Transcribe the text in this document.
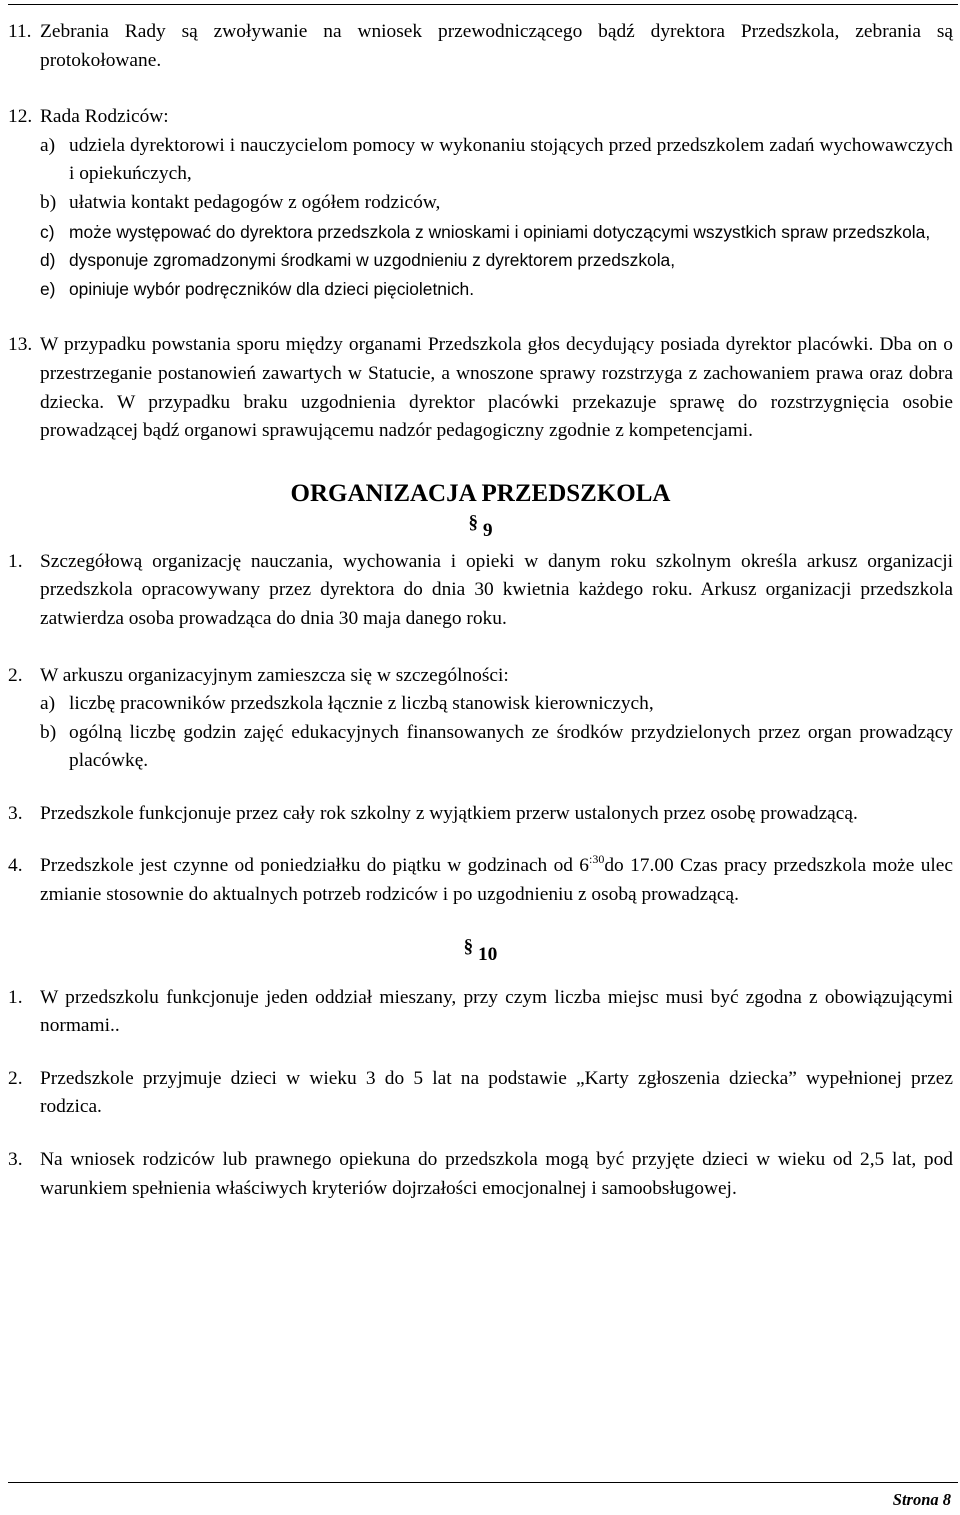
11. Zebrania Rady są zwoływanie na wniosek przewodniczącego bądź dyrektora Przedszkola, zebrania są protokołowane.
12. Rada Rodziców:
a) udziela dyrektorowi i nauczycielom pomocy w wykonaniu stojących przed przedszkolem zadań wychowawczych i opiekuńczych,
b) ułatwia kontakt pedagogów z ogółem rodziców,
c) może występować do dyrektora przedszkola z wnioskami i opiniami dotyczącymi wszystkich spraw przedszkola,
d) dysponuje zgromadzonymi środkami w uzgodnieniu z dyrektorem przedszkola,
e) opiniuje wybór podręczników dla dzieci pięcioletnich.
13. W przypadku powstania sporu między organami Przedszkola głos decydujący posiada dyrektor placówki. Dba on o przestrzeganie postanowień zawartych w Statucie, a wnoszone sprawy rozstrzyga z zachowaniem prawa oraz dobra dziecka. W przypadku braku uzgodnienia dyrektor placówki przekazuje sprawę do rozstrzygnięcia osobie prowadzącej bądź organowi sprawującemu nadzór pedagogiczny zgodnie z kompetencjami.
ORGANIZACJA PRZEDSZKOLA
§ 9
1. Szczegółową organizację nauczania, wychowania i opieki w danym roku szkolnym określa arkusz organizacji przedszkola opracowywany przez dyrektora do dnia 30 kwietnia każdego roku. Arkusz organizacji przedszkola zatwierdza osoba prowadząca do dnia 30 maja danego roku.
2. W arkuszu organizacyjnym zamieszcza się w szczególności:
a) liczbę pracowników przedszkola łącznie z liczbą stanowisk kierowniczych,
b) ogólną liczbę godzin zajęć edukacyjnych finansowanych ze środków przydzielonych przez organ prowadzący placówkę.
3. Przedszkole funkcjonuje przez cały rok szkolny z wyjątkiem przerw ustalonych przez osobę prowadzącą.
4. Przedszkole jest czynne od poniedziałku do piątku w godzinach od $6^{:30}do$ 17.00 Czas pracy przedszkola może ulec zmianie stosownie do aktualnych potrzeb rodziców i po uzgodnieniu z osobą prowadzącą.
§ 10
1. W przedszkolu funkcjonuje jeden oddział mieszany, przy czym liczba miejsc musi być zgodna z obowiązującymi normami..
2. Przedszkole przyjmuje dzieci w wieku 3 do 5 lat na podstawie „Karty zgłoszenia dziecka” wypełnionej przez rodzica.
3. Na wniosek rodziców lub prawnego opiekuna do przedszkola mogą być przyjęte dzieci w wieku od 2,5 lat, pod warunkiem spełnienia właściwych kryteriów dojrzałości emocjonalnej i samoobsługowej.
Strona 8
